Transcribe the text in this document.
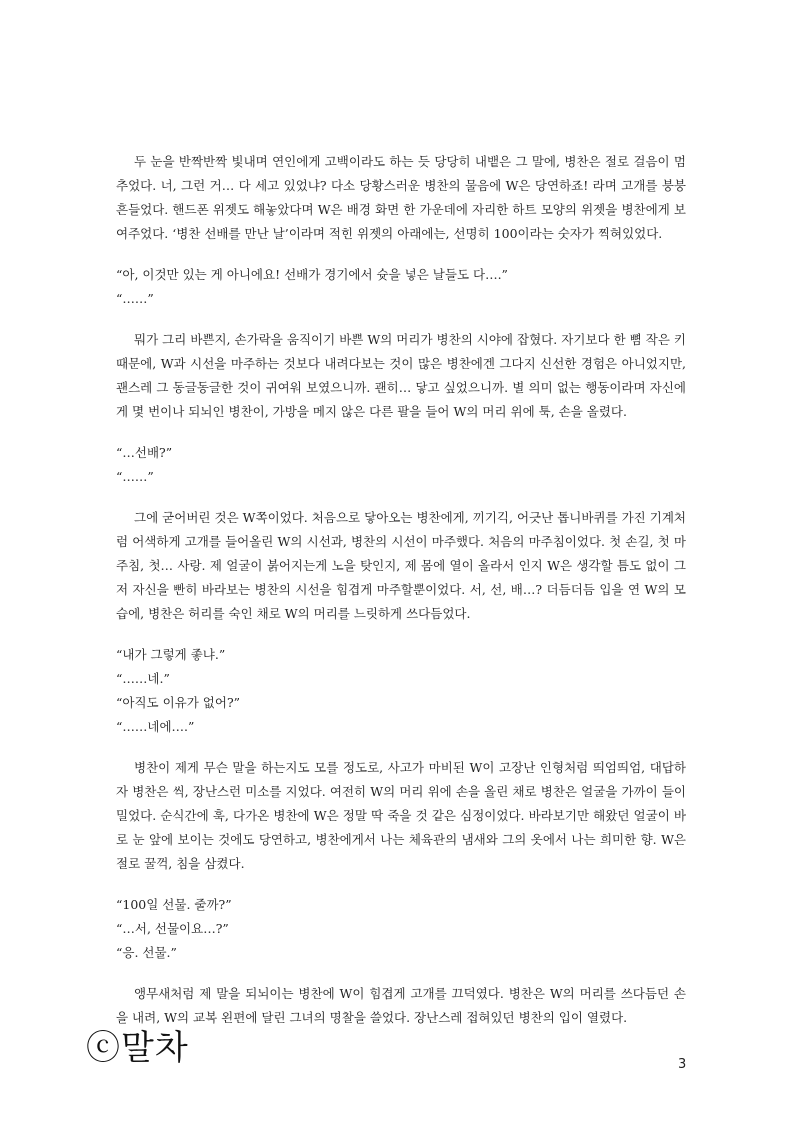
두 눈을 반짝반짝 빛내며 연인에게 고백이라도 하는 듯 당당히 내뱉은 그 말에, 병찬은 절로 걸음이 멈추었다. 너, 그런 거… 다 세고 있었냐? 다소 당황스러운 병찬의 물음에 W은 당연하죠! 라며 고개를 붕붕 흔들었다. 핸드폰 위젯도 해놓았다며 W은 배경 화면 한 가운데에 자리한 하트 모양의 위젯을 병찬에게 보여주었다. ‘병찬 선배를 만난 날’이라며 적힌 위젯의 아래에는, 선명히 100이라는 숫자가 찍혀있었다.

“아, 이것만 있는 게 아니에요! 선배가 경기에서 슛을 넣은 날들도 다….”

“……”

뭐가 그리 바쁜지, 손가락을 움직이기 바쁜 W의 머리가 병찬의 시야에 잡혔다. 자기보다 한 뼘 작은 키 때문에, W과 시선을 마주하는 것보다 내려다보는 것이 많은 병찬에겐 그다지 신선한 경험은 아니었지만, 괜스레 그 동글동글한 것이 귀여워 보였으니까. 괜히… 닿고 싶었으니까. 별 의미 없는 행동이라며 자신에게 몇 번이나 되뇌인 병찬이, 가방을 메지 않은 다른 팔을 들어 W의 머리 위에 툭, 손을 올렸다.

“…선배?”

“……”

그에 굳어버린 것은 W쪽이었다. 처음으로 닿아오는 병찬에게, 끼기긱, 어긋난 톱니바퀴를 가진 기계처럼 어색하게 고개를 들어올린 W의 시선과, 병찬의 시선이 마주했다. 처음의 마주침이었다. 첫 손길, 첫 마주침, 첫… 사랑. 제 얼굴이 붉어지는게 노을 탓인지, 제 몸에 열이 올라서 인지 W은 생각할 틈도 없이 그저 자신을 빤히 바라보는 병찬의 시선을 힘겹게 마주할뿐이었다. 서, 선, 배…? 더듬더듬 입을 연 W의 모습에, 병찬은 허리를 숙인 채로 W의 머리를 느릿하게 쓰다듬었다.

“내가 그렇게 좋냐.”

“……네.”

“아직도 이유가 없어?”

“……네에….”

병찬이 제게 무슨 말을 하는지도 모를 정도로, 사고가 마비된 W이 고장난 인형처럼 띄엄띄엄, 대답하자 병찬은 씩, 장난스런 미소를 지었다. 여전히 W의 머리 위에 손을 올린 채로 병찬은 얼굴을 가까이 들이밀었다. 순식간에 훅, 다가온 병찬에 W은 정말 딱 죽을 것 같은 심정이었다. 바라보기만 해왔던 얼굴이 바로 눈 앞에 보이는 것에도 당연하고, 병찬에게서 나는 체육관의 냄새와 그의 옷에서 나는 희미한 향. W은 절로 꿀꺽, 침을 삼켰다.

“100일 선물. 줄까?”

“…서, 선물이요…?”

“응. 선물.”

앵무새처럼 제 말을 되뇌이는 병찬에 W이 힘겹게 고개를 끄덕였다. 병찬은 W의 머리를 쓰다듬던 손을 내려, W의 교복 왼편에 달린 그녀의 명찰을 쓸었다. 장난스레 접혀있던 병찬의 입이 열렸다.

ⓒ말차	3
